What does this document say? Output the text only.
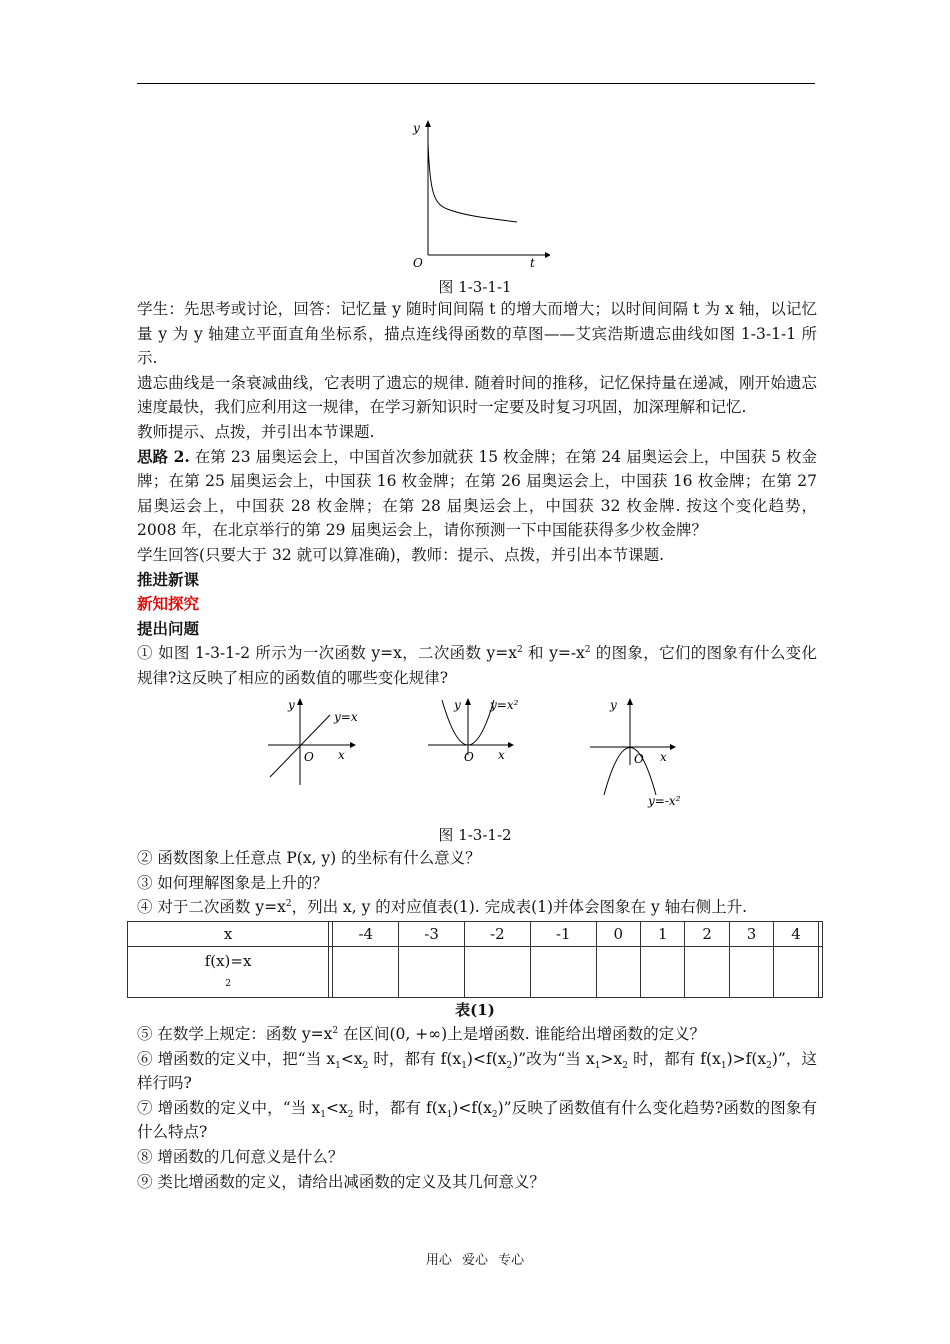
y
t
O
图 1-3-1-1

学生：先思考或讨论，回答：记忆量 y 随时间间隔 t 的增大而增大；以时间间隔 t 为 x 轴，以记忆量 y 为 y 轴建立平面直角坐标系，描点连线得函数的草图——艾宾浩斯遗忘曲线如图 1-3-1-1 所示.

遗忘曲线是一条衰减曲线，它表明了遗忘的规律. 随着时间的推移，记忆保持量在递减，刚开始遗忘速度最快，我们应利用这一规律，在学习新知识时一定要及时复习巩固，加深理解和记忆.

教师提示、点拨，并引出本节课题.

思路 2. 在第 23 届奥运会上，中国首次参加就获 15 枚金牌；在第 24 届奥运会上，中国获 5 枚金牌；在第 25 届奥运会上，中国获 16 枚金牌；在第 26 届奥运会上，中国获 16 枚金牌；在第 27 届奥运会上，中国获 28 枚金牌；在第 28 届奥运会上，中国获 32 枚金牌. 按这个变化趋势，2008 年，在北京举行的第 29 届奥运会上，请你预测一下中国能获得多少枚金牌？

学生回答(只要大于 32 就可以算准确)，教师：提示、点拨，并引出本节课题.

推进新课

新知探究

提出问题

① 如图 1-3-1-2 所示为一次函数 y=x，二次函数 $y=x^2$ 和 $y=-x^2$ 的图象，它们的图象有什么变化规律?这反映了相应的函数值的哪些变化规律?

y
x
O
y=x
y
x
O
y=x²	y
x
O
y=-x²
图 1-3-1-2

② 函数图象上任意点 P(x, y) 的坐标有什么意义？

③ 如何理解图象是上升的？

④ 对于二次函数 $y=x^2$，列出 x, y 的对应值表(1). 完成表(1)并体会图象在 y 轴右侧上升.

x		-4	-3	-2	-1	0	1	2	3	4	
f(x)=x
2											
表(1)

⑤ 在数学上规定：函数 $y=x^2$ 在区间(0, +∞)上是增函数. 谁能给出增函数的定义？

⑥ 增函数的定义中，把“当 $x_1<x_2$ 时，都有 $f(x_1)<f(x_2)$”改为“当 $x_1>x_2$ 时，都有 $f(x_1)>f(x_2)$”，这样行吗?

⑦ 增函数的定义中，“当 $x_1<x_2$ 时，都有 $f(x_1)<f(x_2)$”反映了函数值有什么变化趋势?函数的图象有什么特点?

⑧ 增函数的几何意义是什么？

⑨ 类比增函数的定义，请给出减函数的定义及其几何意义？

用心 爱心 专心
